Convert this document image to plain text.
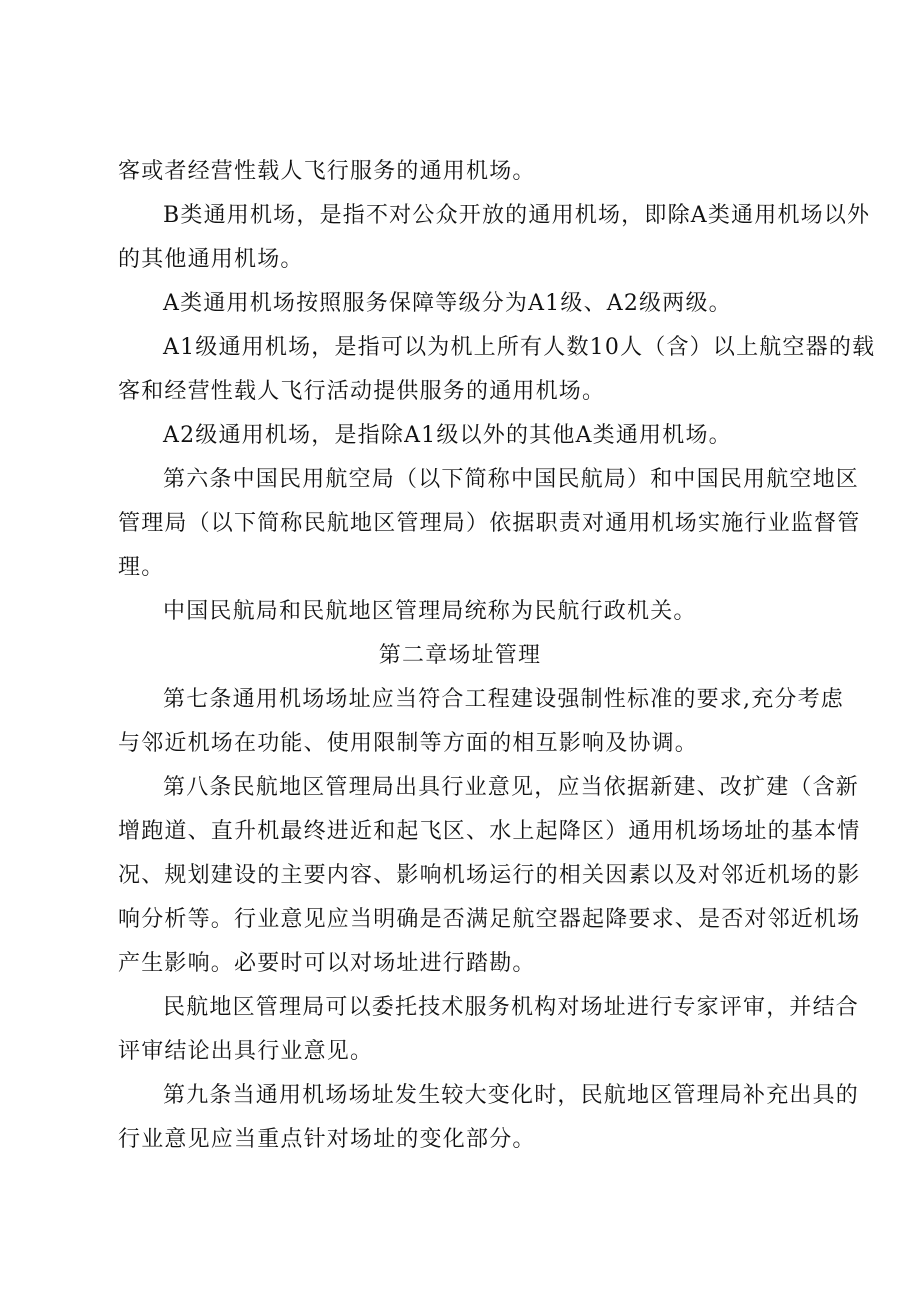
客或者经营性载人飞行服务的通用机场。
B类通用机场，是指不对公众开放的通用机场，即除A类通用机场以外
的其他通用机场。
A类通用机场按照服务保障等级分为A1级、A2级两级。
A1级通用机场，是指可以为机上所有人数10人（含）以上航空器的载
客和经营性载人飞行活动提供服务的通用机场。
A2级通用机场，是指除A1级以外的其他A类通用机场。
第六条中国民用航空局（以下简称中国民航局）和中国民用航空地区
管理局（以下简称民航地区管理局）依据职责对通用机场实施行业监督管
理。
中国民航局和民航地区管理局统称为民航行政机关。
第二章场址管理
第七条通用机场场址应当符合工程建设强制性标准的要求,充分考虑
与邻近机场在功能、使用限制等方面的相互影响及协调。
第八条民航地区管理局出具行业意见，应当依据新建、改扩建（含新
增跑道、直升机最终进近和起飞区、水上起降区）通用机场场址的基本情
况、规划建设的主要内容、影响机场运行的相关因素以及对邻近机场的影
响分析等。行业意见应当明确是否满足航空器起降要求、是否对邻近机场
产生影响。必要时可以对场址进行踏勘。
民航地区管理局可以委托技术服务机构对场址进行专家评审，并结合
评审结论出具行业意见。
第九条当通用机场场址发生较大变化时，民航地区管理局补充出具的
行业意见应当重点针对场址的变化部分。
